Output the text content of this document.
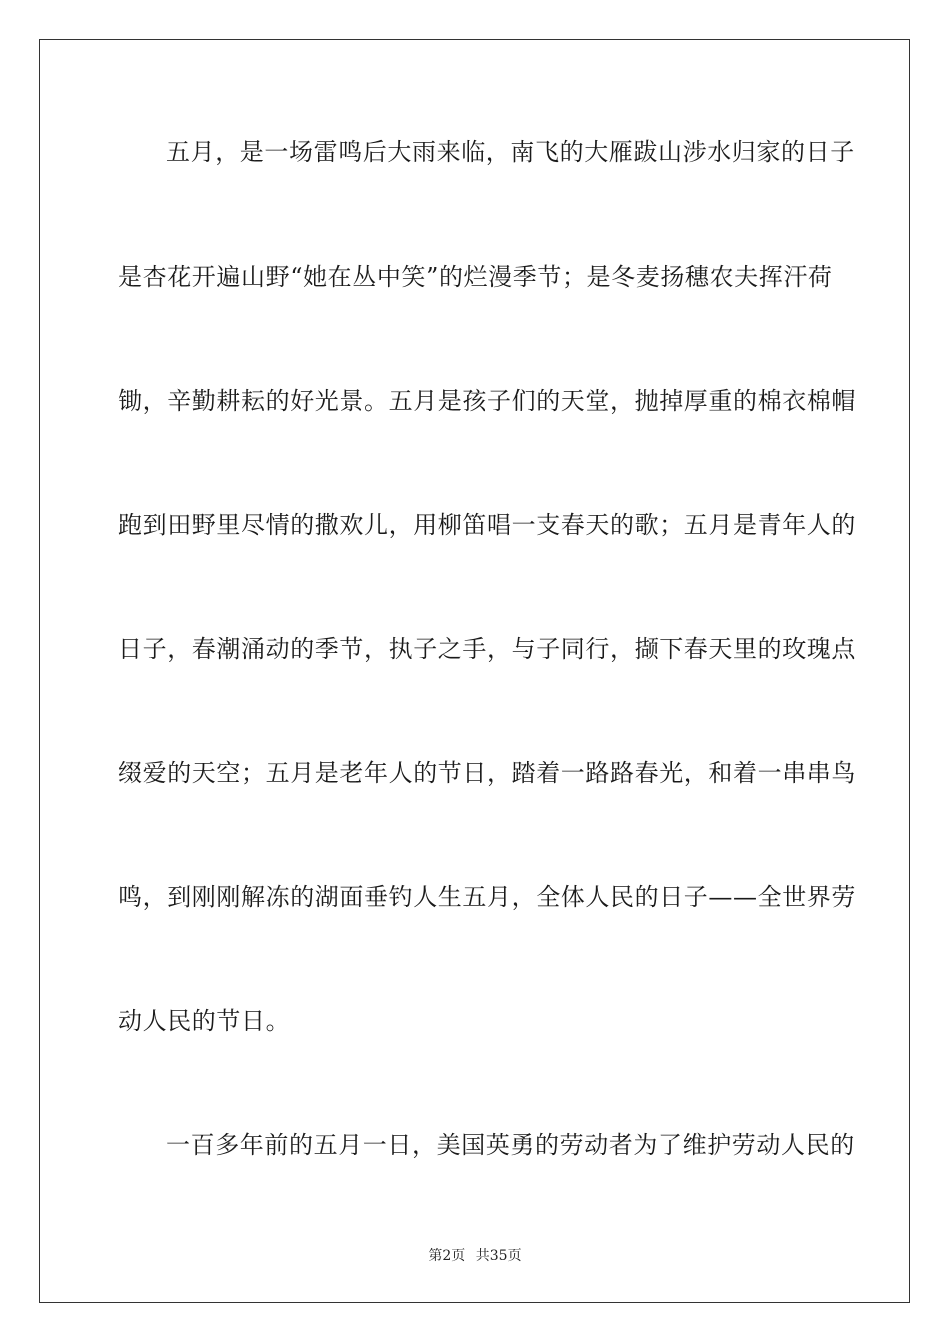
五月，是一场雷鸣后大雨来临，南飞的大雁跋山涉水归家的日子
是杏花开遍山野“她在丛中笑”的烂漫季节；是冬麦扬穗农夫挥汗荷
锄，辛勤耕耘的好光景。五月是孩子们的天堂，抛掉厚重的棉衣棉帽
跑到田野里尽情的撒欢儿，用柳笛唱一支春天的歌；五月是青年人的
日子，春潮涌动的季节，执子之手，与子同行，撷下春天里的玫瑰点
缀爱的天空；五月是老年人的节日，踏着一路路春光，和着一串串鸟
鸣，到刚刚解冻的湖面垂钓人生五月，全体人民的日子——全世界劳
动人民的节日。
一百多年前的五月一日，美国英勇的劳动者为了维护劳动人民的
第2页 共35页
